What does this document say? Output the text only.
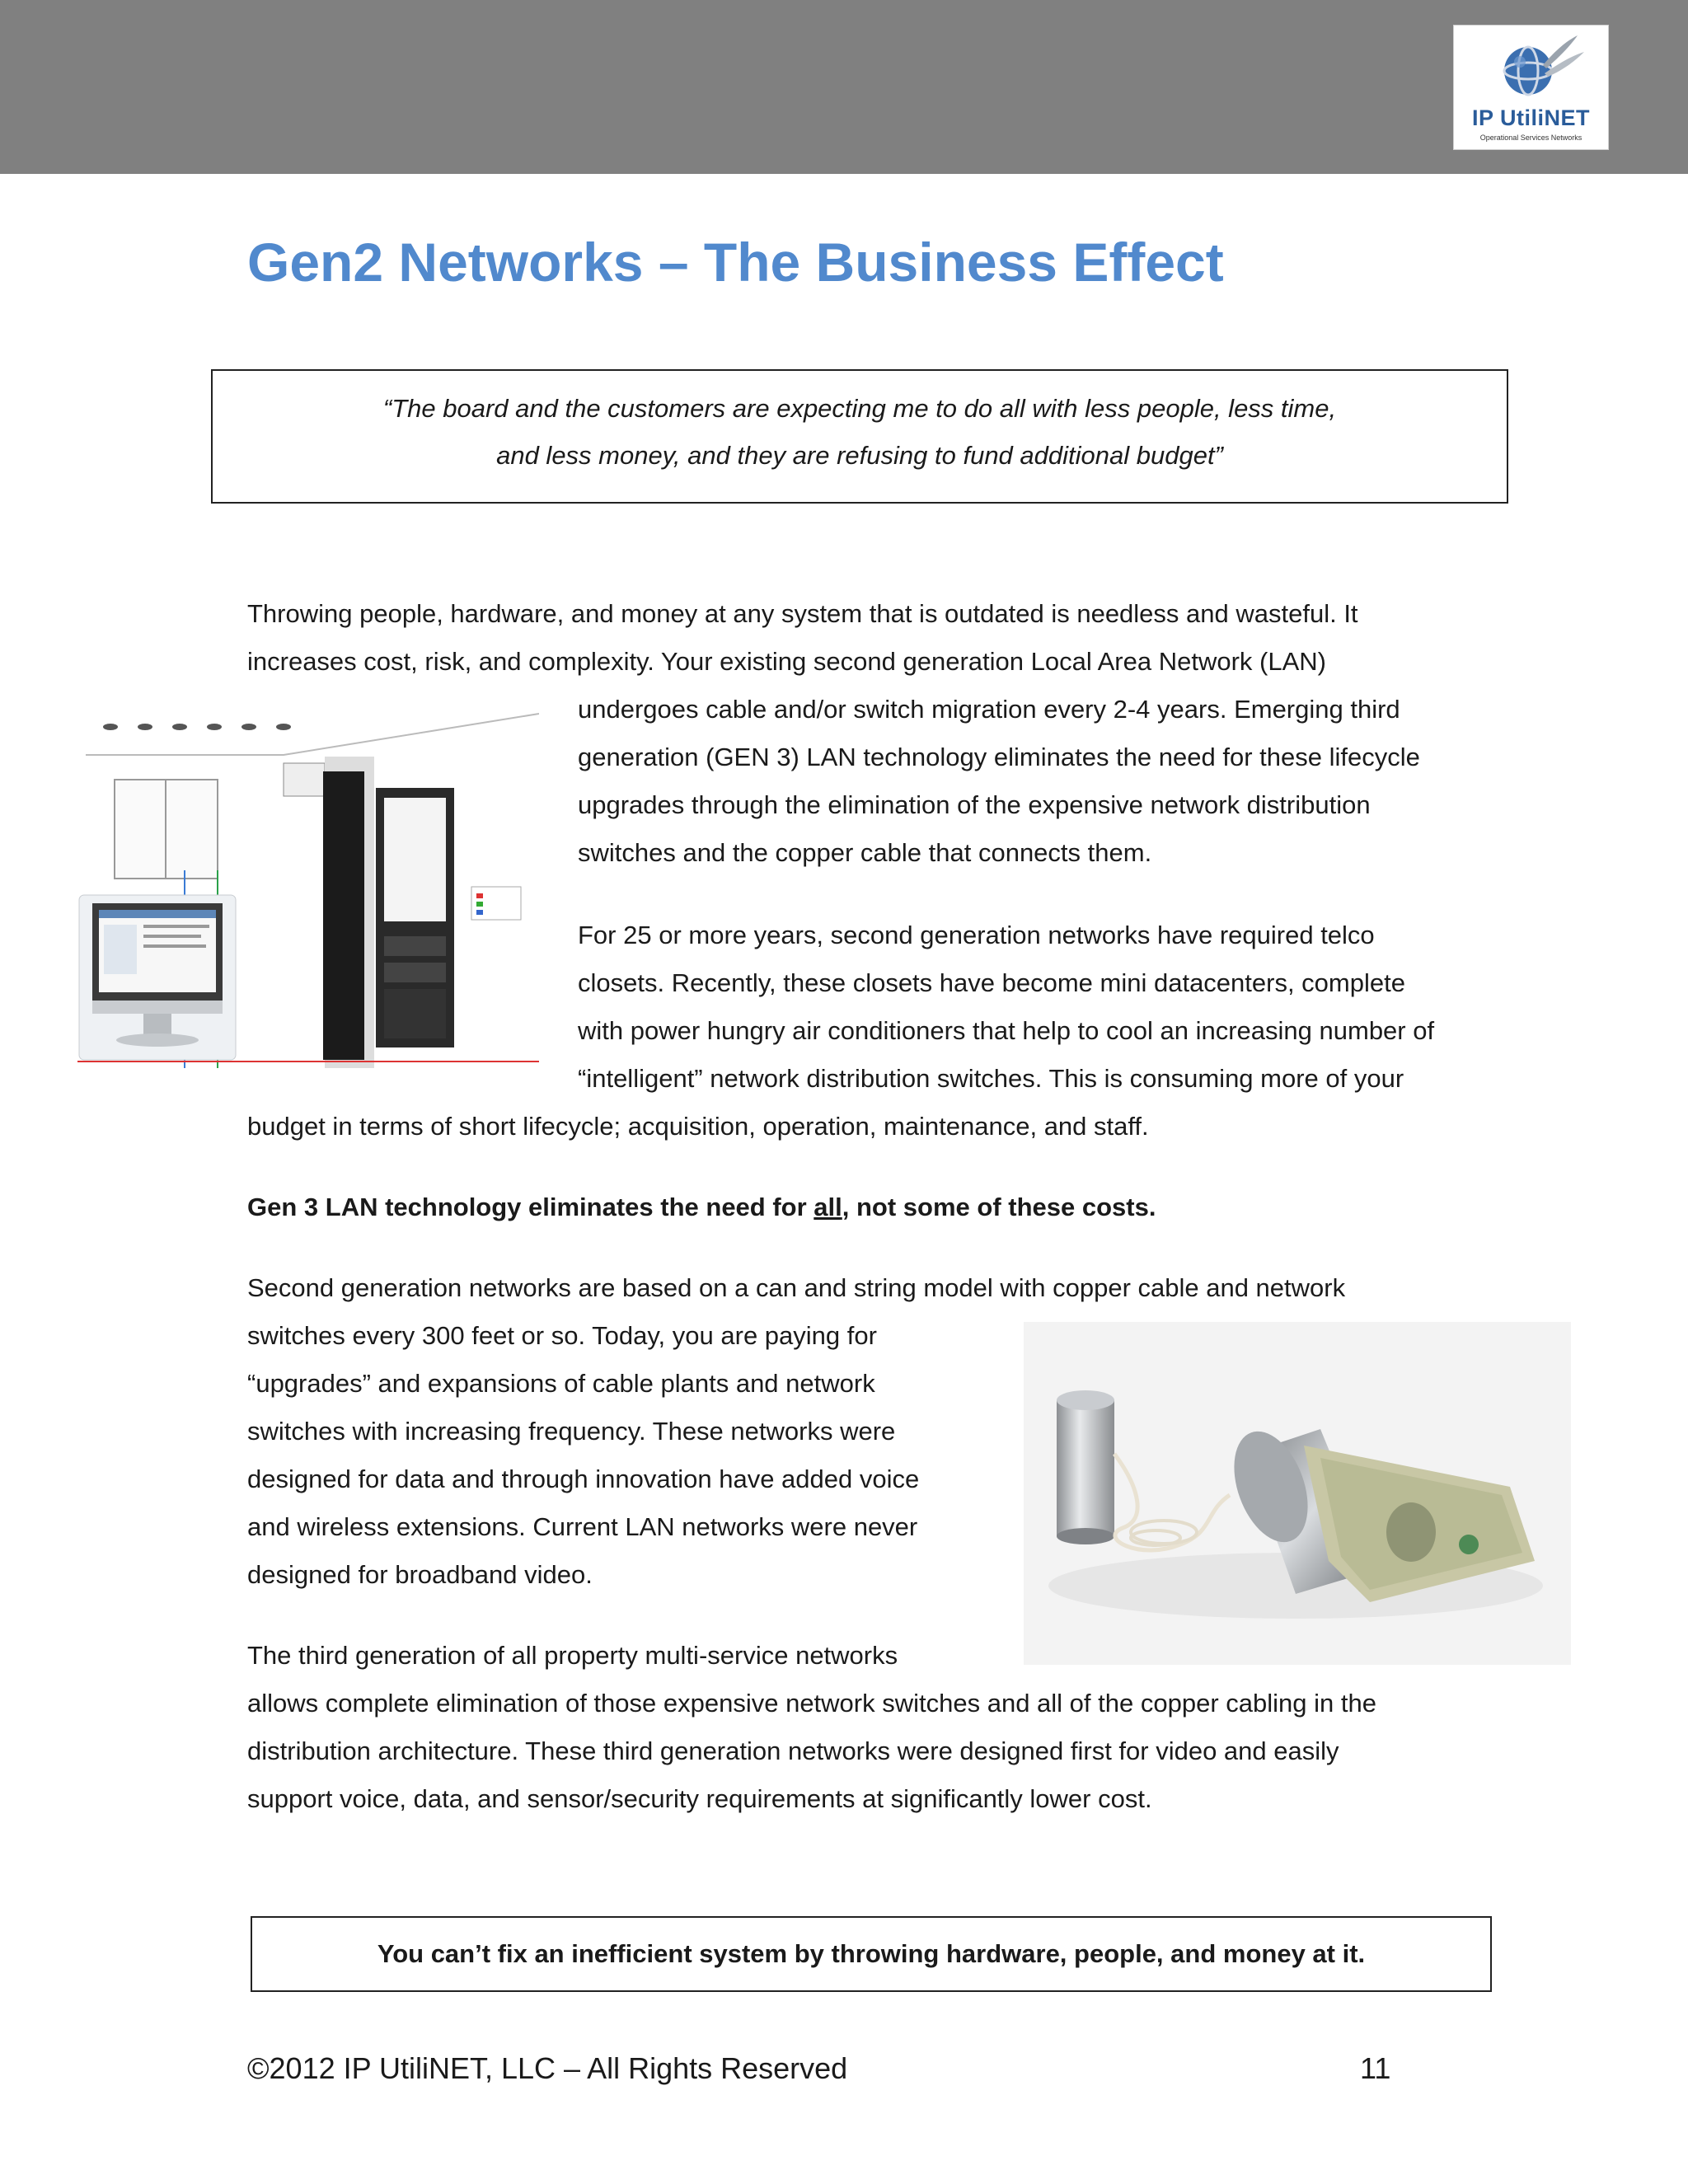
IP UtiliNET
Operational Services Networks
Gen2 Networks – The Business Effect
“The board and the customers are expecting me to do all with less people, less time,
and less money, and they are refusing to fund additional budget”
Throwing people, hardware, and money at any system that is outdated is needless and wasteful. It
increases cost, risk, and complexity. Your existing second generation Local Area Network (LAN)
undergoes cable and/or switch migration every 2-4 years. Emerging third
generation (GEN 3) LAN technology eliminates the need for these lifecycle
upgrades through the elimination of the expensive network distribution
switches and the copper cable that connects them.
For 25 or more years, second generation networks have required telco
closets. Recently, these closets have become mini datacenters, complete
with power hungry air conditioners that help to cool an increasing number of
“intelligent” network distribution switches. This is consuming more of your
budget in terms of short lifecycle; acquisition, operation, maintenance, and staff.
Gen 3 LAN technology eliminates the need for all, not some of these costs.
Second generation networks are based on a can and string model with copper cable and network
switches every 300 feet or so. Today, you are paying for
“upgrades” and expansions of cable plants and network
switches with increasing frequency. These networks were
designed for data and through innovation have added voice
and wireless extensions. Current LAN networks were never
designed for broadband video.
The third generation of all property multi-service networks
allows complete elimination of those expensive network switches and all of the copper cabling in the
distribution architecture. These third generation networks were designed first for video and easily
support voice, data, and sensor/security requirements at significantly lower cost.
You can’t fix an inefficient system by throwing hardware, people, and money at it.
©2012 IP UtiliNET, LLC – All Rights Reserved	11
